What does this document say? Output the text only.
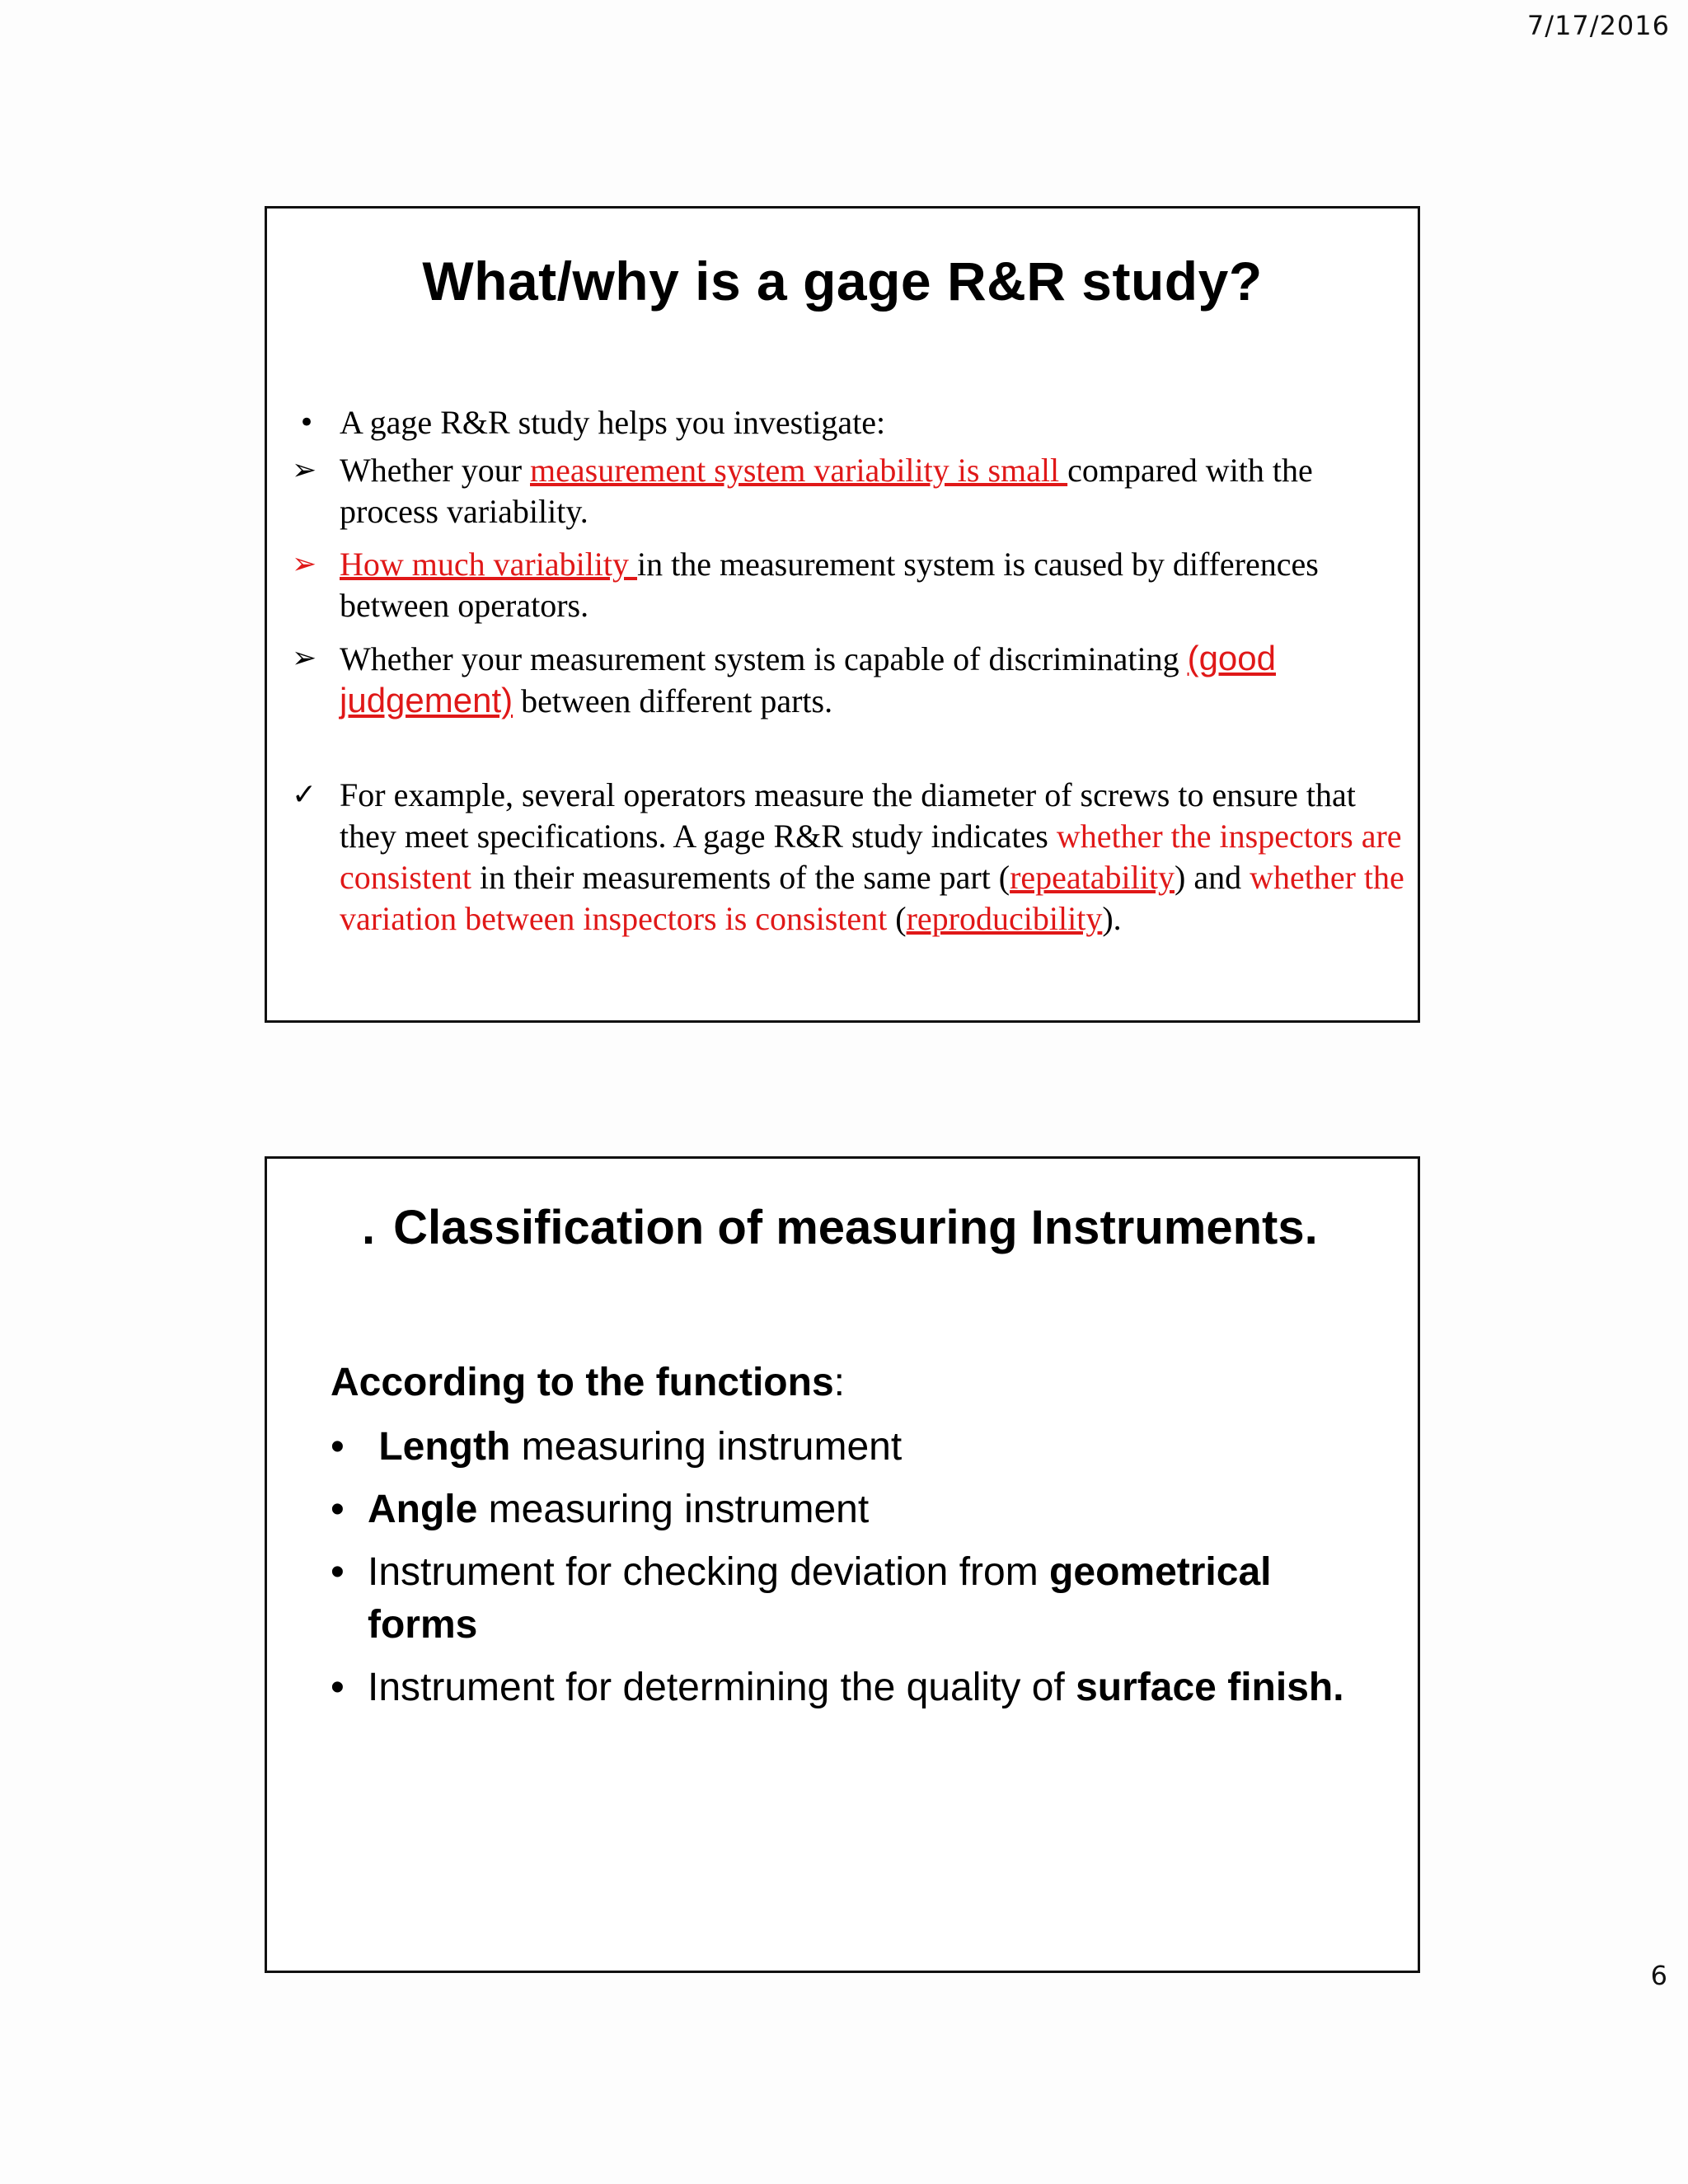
7/17/2016
What/why is a gage R&R study?
• A gage R&R study helps you investigate:
➢ Whether your measurement system variability is small compared with the process variability.
➢ How much variability in the measurement system is caused by differences between operators.
➢ Whether your measurement system is capable of discriminating (good judgement) between different parts.
✓ For example, several operators measure the diameter of screws to ensure that they meet specifications. A gage R&R study indicates whether the inspectors are consistent in their measurements of the same part (repeatability) and whether the variation between inspectors is consistent (reproducibility).
. Classification of measuring Instruments.
According to the functions:
• Length measuring instrument
• Angle measuring instrument
• Instrument for checking deviation from geometrical forms
• Instrument for determining the quality of surface finish.
6
